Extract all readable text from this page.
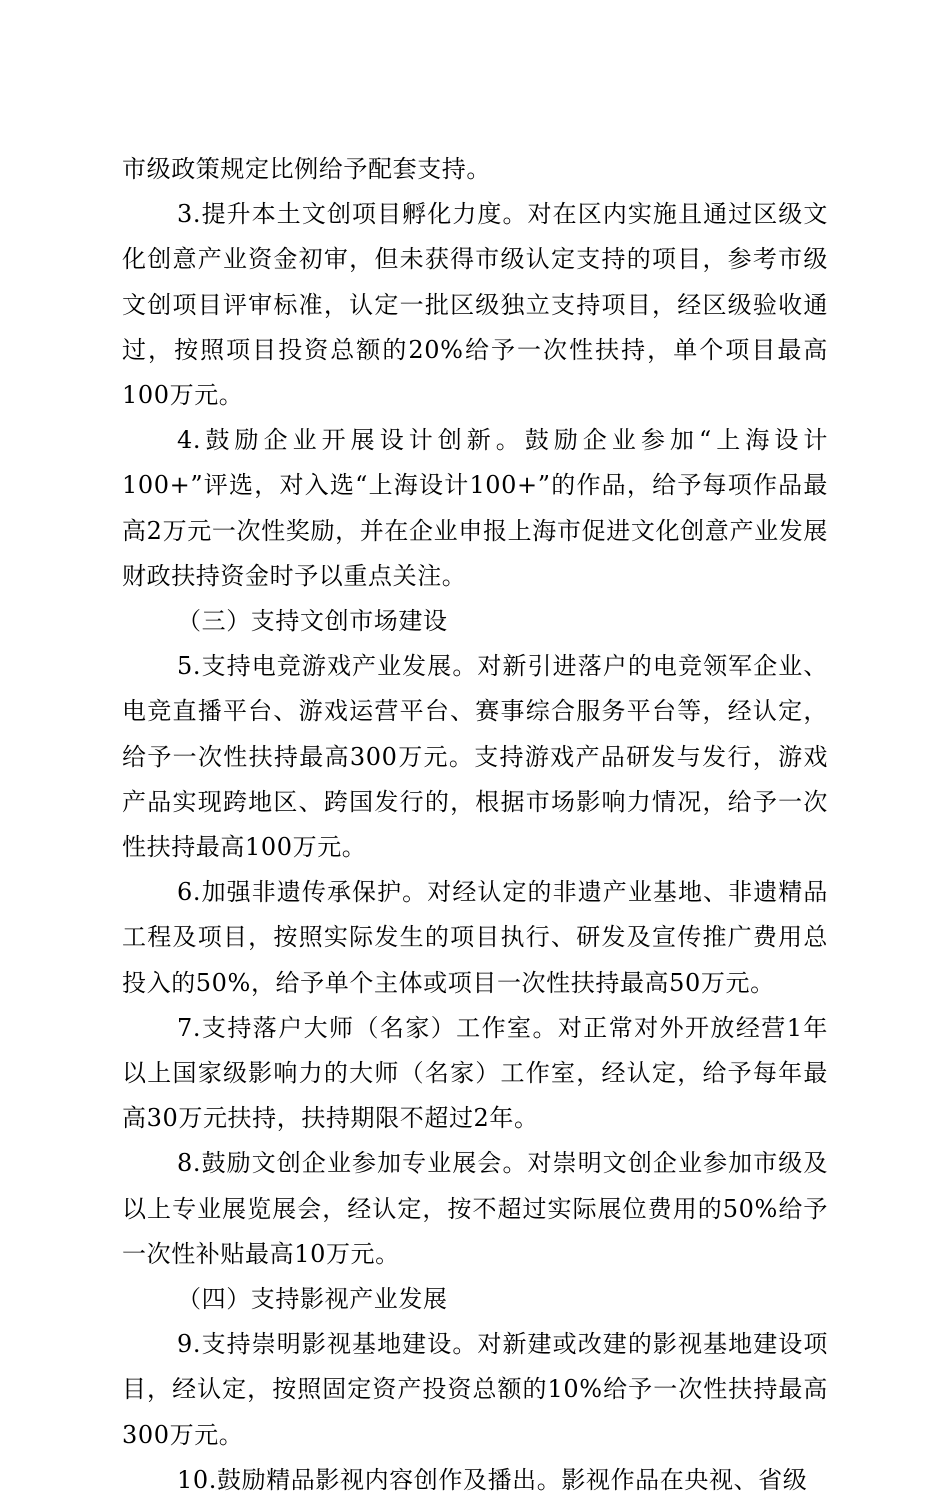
市级政策规定比例给予配套支持。

3.提升本土文创项目孵化力度。对在区内实施且通过区级文化创意产业资金初审，但未获得市级认定支持的项目，参考市级文创项目评审标准，认定一批区级独立支持项目，经区级验收通过，按照项目投资总额的20%给予一次性扶持，单个项目最高100万元。

4.鼓励企业开展设计创新。鼓励企业参加“上海设计100+”评选，对入选“上海设计100+”的作品，给予每项作品最高2万元一次性奖励，并在企业申报上海市促进文化创意产业发展财政扶持资金时予以重点关注。

（三）支持文创市场建设

5.支持电竞游戏产业发展。对新引进落户的电竞领军企业、电竞直播平台、游戏运营平台、赛事综合服务平台等，经认定，给予一次性扶持最高300万元。支持游戏产品研发与发行，游戏产品实现跨地区、跨国发行的，根据市场影响力情况，给予一次性扶持最高100万元。

6.加强非遗传承保护。对经认定的非遗产业基地、非遗精品工程及项目，按照实际发生的项目执行、研发及宣传推广费用总投入的50%，给予单个主体或项目一次性扶持最高50万元。

7.支持落户大师（名家）工作室。对正常对外开放经营1年以上国家级影响力的大师（名家）工作室，经认定，给予每年最高30万元扶持，扶持期限不超过2年。

8.鼓励文创企业参加专业展会。对崇明文创企业参加市级及以上专业展览展会，经认定，按不超过实际展位费用的50%给予一次性补贴最高10万元。

（四）支持影视产业发展

9.支持崇明影视基地建设。对新建或改建的影视基地建设项目，经认定，按照固定资产投资总额的10%给予一次性扶持最高300万元。

10.鼓励精品影视内容创作及播出。影视作品在央视、省级
